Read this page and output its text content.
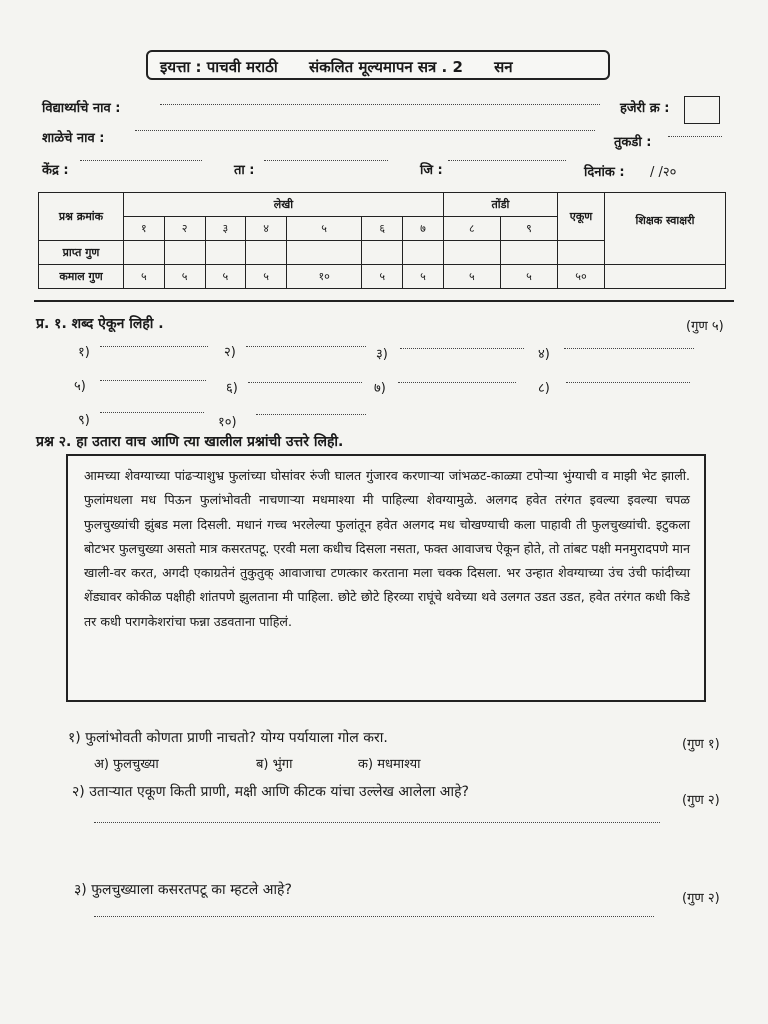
इयत्ता : पाचवी मराठी संकलित मूल्यमापन सत्र . 2 सन
विद्यार्थ्याचे नाव :	हजेरी क्र :
शाळेचे नाव :	तुकडी :
केंद्र :	ता :	जि :	दिनांक : / /२०
प्रश्न क्रमांक	लेखी							तोंडी		एकूण	शिक्षक स्वाक्षरी
	१	२	३	४	५	६	७	८	९		
प्राप्त गुण											
कमाल गुण	५	५	५	५	१०	५	५	५	५	५०	
प्र. १. शब्द ऐकून लिही .	(गुण ५)
१)	२)	३)	४)
५)	६)	७)	८)
९)	१०)
प्रश्न २. हा उतारा वाच आणि त्या खालील प्रश्नांची उत्तरे लिही.
आमच्या शेवग्याच्या पांढऱ्याशुभ्र फुलांच्या घोसांवर रुंजी घालत गुंजारव करणाऱ्या जांभळट-काळ्या टपोऱ्या भुंग्याची व माझी भेट झाली. फुलांमधला मध पिऊन फुलांभोवती नाचणाऱ्या मधमाश्या मी पाहिल्या शेवग्यामुळे. अलगद हवेत तरंगत इवल्या इवल्या चपळ फुलचुख्यांची झुंबड मला दिसली. मधानं गच्च भरलेल्या फुलांतून हवेत अलगद मध चोखण्याची कला पाहावी ती फुलचुख्यांची. इटुकला बोटभर फुलचुख्या असतो मात्र कसरतपटू. एरवी मला कधीच दिसला नसता, फक्त आवाजच ऐकून होते, तो तांबट पक्षी मनमुरादपणे मान खाली-वर करत, अगदी एकाग्रतेनं तुकुतुक् आवाजाचा टणत्कार करताना मला चक्क दिसला. भर उन्हात शेवग्याच्या उंच उंची फांदीच्या शेंड्यावर कोकीळ पक्षीही शांतपणे झुलताना मी पाहिला. छोटे छोटे हिरव्या राघूंचे थवेच्या थवे उलगत उडत उडत, हवेत तरंगत कधी किडे तर कधी परागकेशरांचा फन्ना उडवताना पाहिलं.
१) फुलांभोवती कोणता प्राणी नाचतो? योग्य पर्यायाला गोल करा.	(गुण १)
अ) फुलचुख्या	ब) भुंगा	क) मधमाश्या
२) उताऱ्यात एकूण किती प्राणी, मक्षी आणि कीटक यांचा उल्लेख आलेला आहे?
(गुण २)
३) फुलचुख्याला कसरतपटू का म्हटले आहे?
(गुण २)
